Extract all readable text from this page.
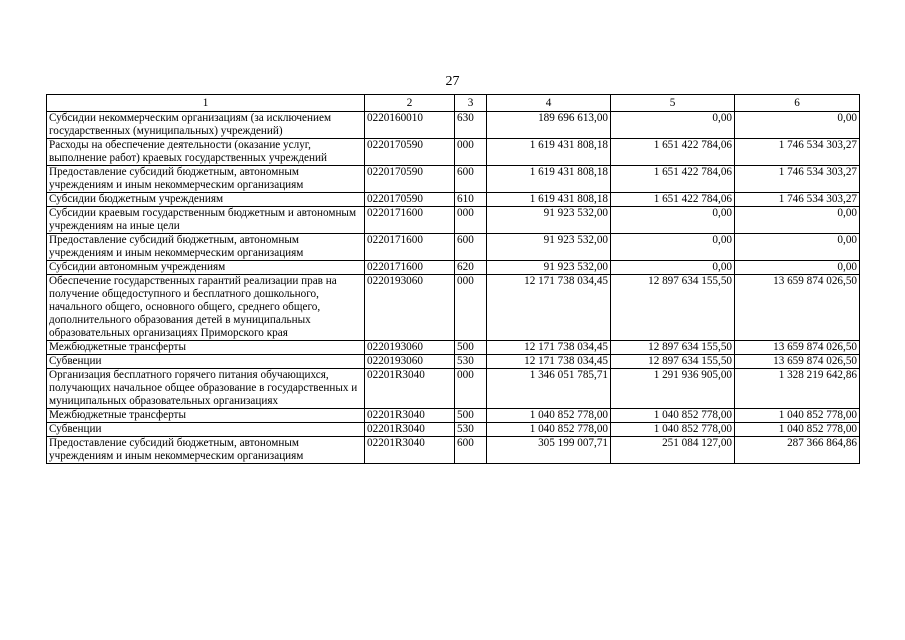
27
1	2	3	4	5	6
Субсидии некоммерческим организациям (за исключением государственных (муниципальных) учреждений)	0220160010	630	189 696 613,00	0,00	0,00
Расходы на обеспечение деятельности (оказание услуг, выполнение работ) краевых государственных учреждений	0220170590	000	1 619 431 808,18	1 651 422 784,06	1 746 534 303,27
Предоставление субсидий бюджетным, автономным учреждениям и иным некоммерческим организациям	0220170590	600	1 619 431 808,18	1 651 422 784,06	1 746 534 303,27
Субсидии бюджетным учреждениям	0220170590	610	1 619 431 808,18	1 651 422 784,06	1 746 534 303,27
Субсидии краевым государственным бюджетным и автономным учреждениям на иные цели	0220171600	000	91 923 532,00	0,00	0,00
Предоставление субсидий бюджетным, автономным учреждениям и иным некоммерческим организациям	0220171600	600	91 923 532,00	0,00	0,00
Субсидии автономным учреждениям	0220171600	620	91 923 532,00	0,00	0,00
Обеспечение государственных гарантий реализации прав на получение общедоступного и бесплатного дошкольного, начального общего, основного общего, среднего общего, дополнительного образования детей в муниципальных образовательных организациях Приморского края	0220193060	000	12 171 738 034,45	12 897 634 155,50	13 659 874 026,50
Межбюджетные трансферты	0220193060	500	12 171 738 034,45	12 897 634 155,50	13 659 874 026,50
Субвенции	0220193060	530	12 171 738 034,45	12 897 634 155,50	13 659 874 026,50
Организация бесплатного горячего питания обучающихся, получающих начальное общее образование в государственных и муниципальных образовательных организациях	02201R3040	000	1 346 051 785,71	1 291 936 905,00	1 328 219 642,86
Межбюджетные трансферты	02201R3040	500	1 040 852 778,00	1 040 852 778,00	1 040 852 778,00
Субвенции	02201R3040	530	1 040 852 778,00	1 040 852 778,00	1 040 852 778,00
Предоставление субсидий бюджетным, автономным учреждениям и иным некоммерческим организациям	02201R3040	600	305 199 007,71	251 084 127,00	287 366 864,86
